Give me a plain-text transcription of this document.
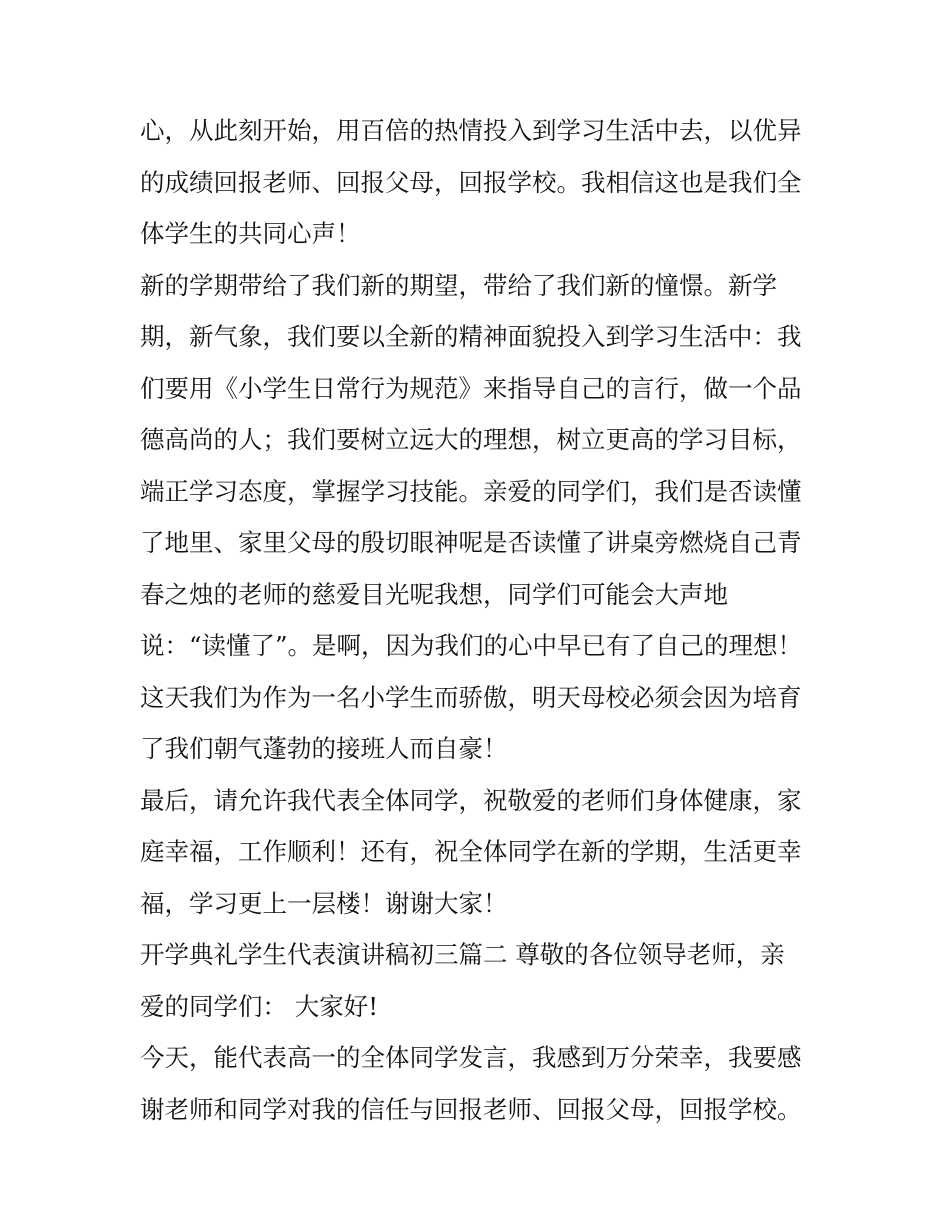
心，从此刻开始，用百倍的热情投入到学习生活中去，以优异
的成绩回报老师、回报父母，回报学校。我相信这也是我们全
体学生的共同心声！
新的学期带给了我们新的期望，带给了我们新的憧憬。新学
期，新气象，我们要以全新的精神面貌投入到学习生活中：我
们要用《小学生日常行为规范》来指导自己的言行，做一个品
德高尚的人；我们要树立远大的理想，树立更高的学习目标，
端正学习态度，掌握学习技能。亲爱的同学们，我们是否读懂
了地里、家里父母的殷切眼神呢是否读懂了讲桌旁燃烧自己青
春之烛的老师的慈爱目光呢我想，同学们可能会大声地
说：“读懂了”。是啊，因为我们的心中早已有了自己的理想！
这天我们为作为一名小学生而骄傲，明天母校必须会因为培育
了我们朝气蓬勃的接班人而自豪！
最后，请允许我代表全体同学，祝敬爱的老师们身体健康，家
庭幸福，工作顺利！还有，祝全体同学在新的学期，生活更幸
福，学习更上一层楼！谢谢大家！
开学典礼学生代表演讲稿初三篇二 尊敬的各位领导老师，亲
爱的同学们： 大家好!
今天，能代表高一的全体同学发言，我感到万分荣幸，我要感
谢老师和同学对我的信任与回报老师、回报父母，回报学校。
